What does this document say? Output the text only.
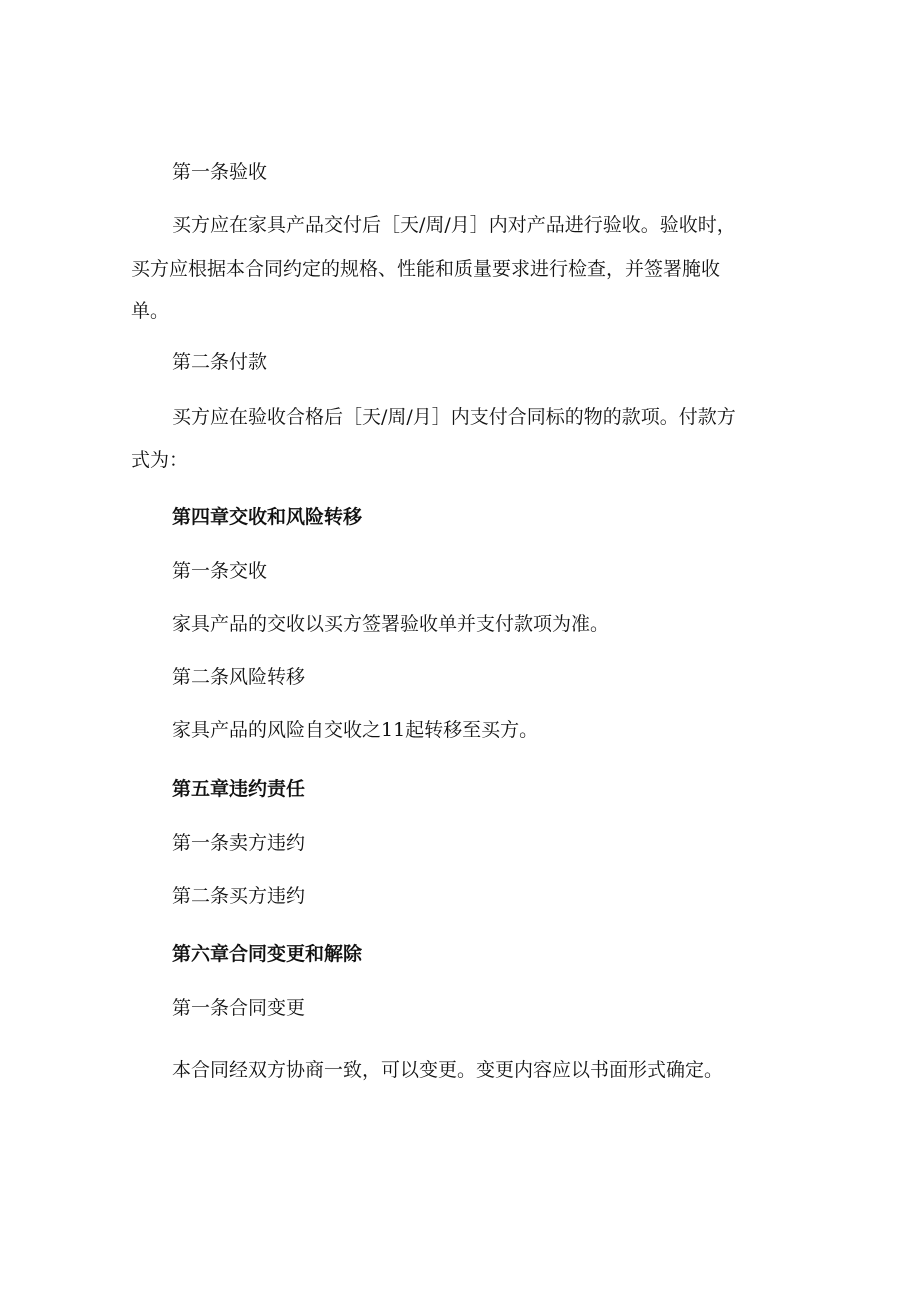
第一条验收
买方应在家具产品交付后［天/周/月］内对产品进行验收。验收时，
买方应根据本合同约定的规格、性能和质量要求进行检查，并签署腌收
单。
第二条付款
买方应在验收合格后［天/周/月］内支付合同标的物的款项。付款方
式为：
第四章交收和风险转移
第一条交收
家具产品的交收以买方签署验收单并支付款项为准。
第二条风险转移
家具产品的风险自交收之11起转移至买方。
第五章违约责任
第一条卖方违约
第二条买方违约
第六章合同变更和解除
第一条合同变更
本合同经双方协商一致，可以变更。变更内容应以书面形式确定。
